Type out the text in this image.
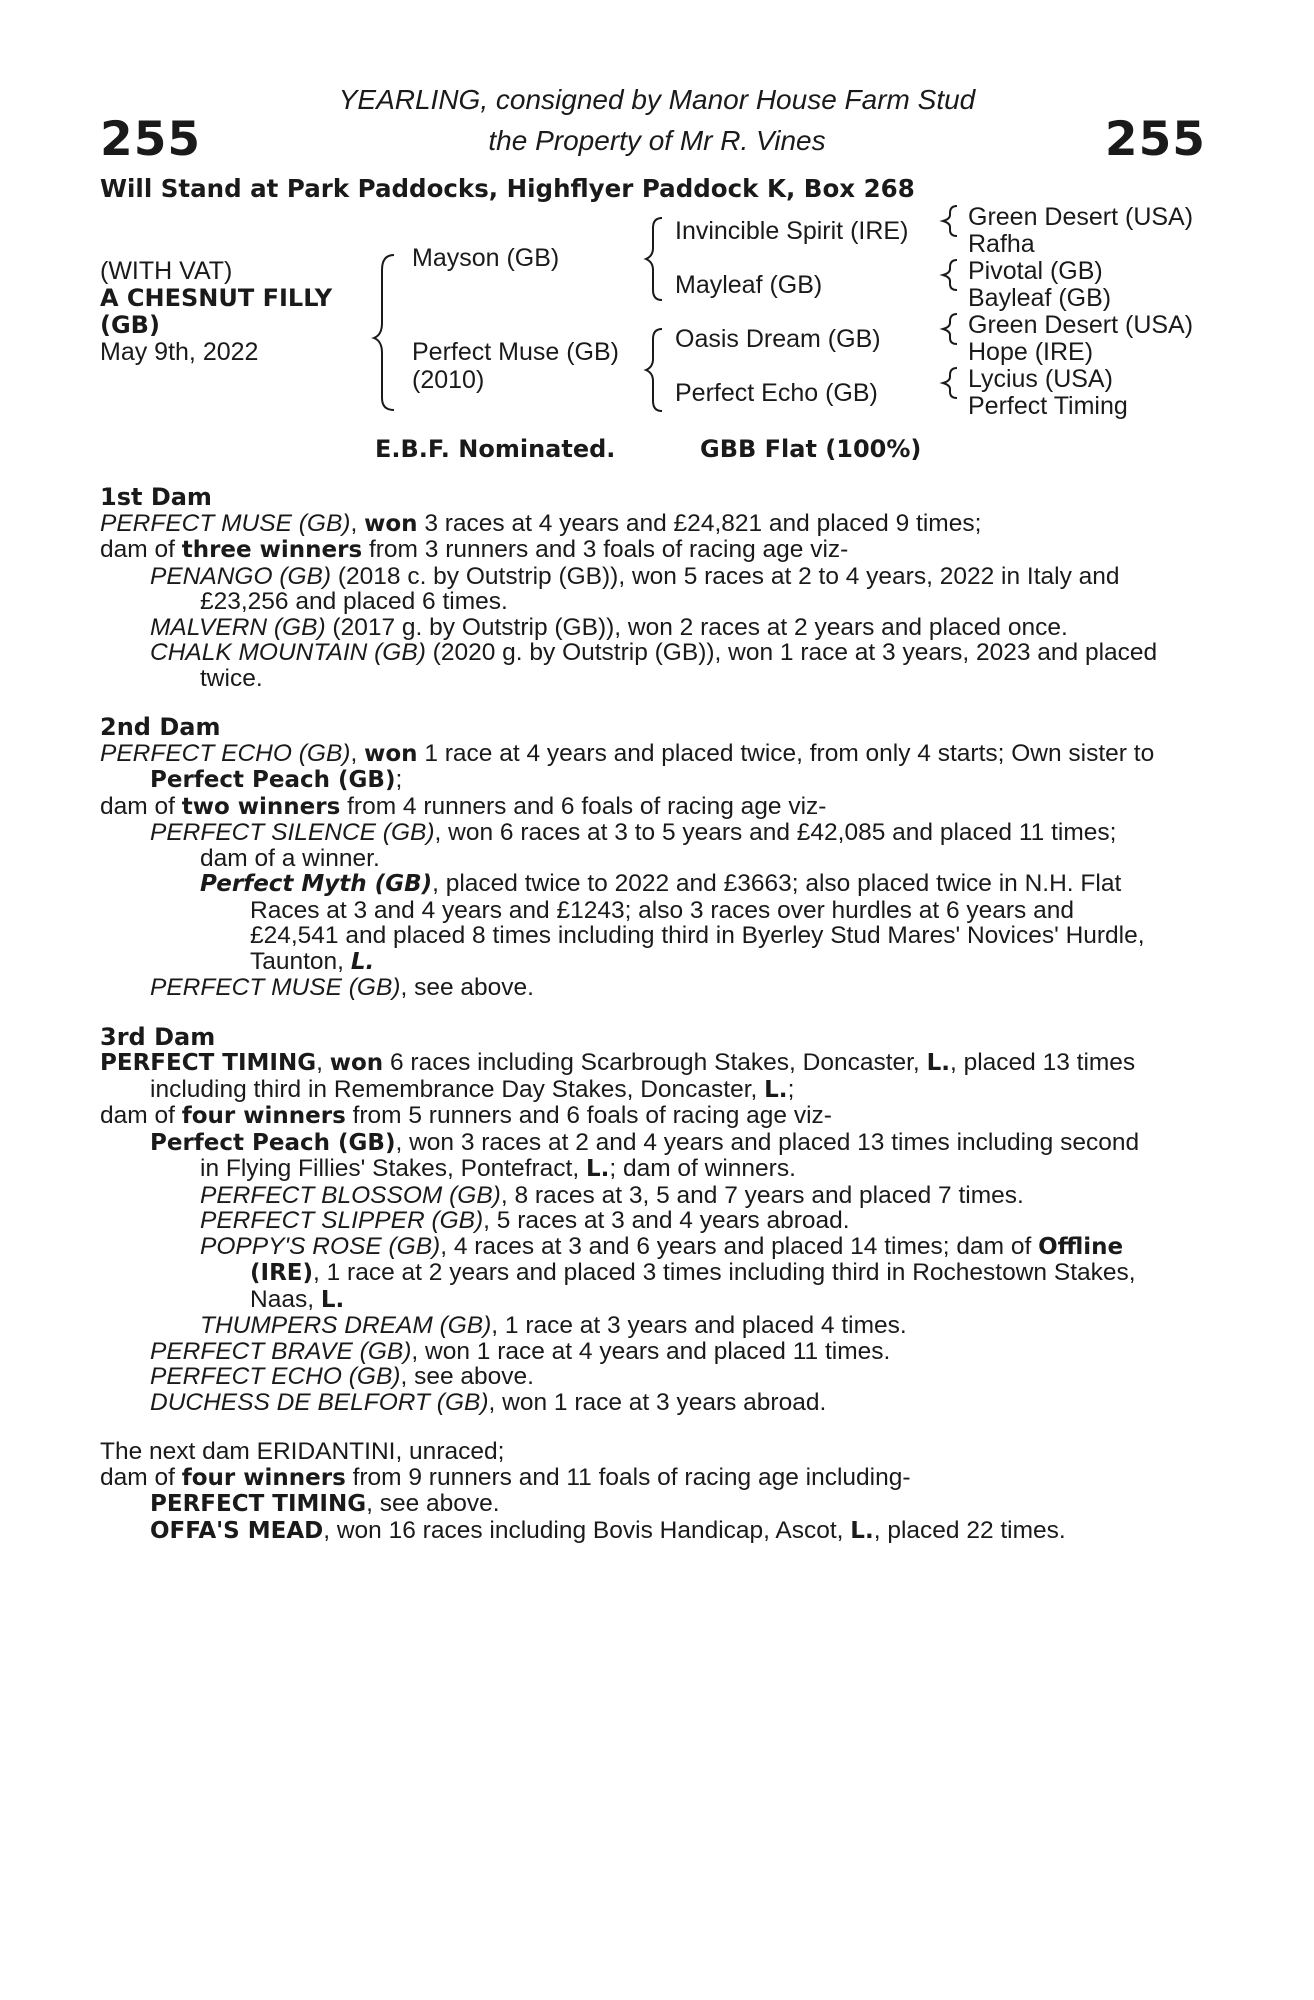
255	255
YEARLING, consigned by Manor House Farm Stud
the Property of Mr R. Vines
Will Stand at Park Paddocks, Highflyer Paddock K, Box 268
(WITH VAT)
A CHESNUT FILLY
(GB)
May 9th, 2022
Mayson (GB)
Perfect Muse (GB)
(2010)
Invincible Spirit (IRE)
Mayleaf (GB)
Oasis Dream (GB)
Perfect Echo (GB)
Green Desert (USA)
Rafha
Pivotal (GB)
Bayleaf (GB)
Green Desert (USA)
Hope (IRE)
Lycius (USA)
Perfect Timing
E.B.F. Nominated.	GBB Flat (100%)
1st Dam
PERFECT MUSE (GB), won 3 races at 4 years and £24,821 and placed 9 times;
dam of three winners from 3 runners and 3 foals of racing age viz-
PENANGO (GB) (2018 c. by Outstrip (GB)), won 5 races at 2 to 4 years, 2022 in Italy and
£23,256 and placed 6 times.
MALVERN (GB) (2017 g. by Outstrip (GB)), won 2 races at 2 years and placed once.
CHALK MOUNTAIN (GB) (2020 g. by Outstrip (GB)), won 1 race at 3 years, 2023 and placed
twice.
2nd Dam
PERFECT ECHO (GB), won 1 race at 4 years and placed twice, from only 4 starts; Own sister to
Perfect Peach (GB);
dam of two winners from 4 runners and 6 foals of racing age viz-
PERFECT SILENCE (GB), won 6 races at 3 to 5 years and £42,085 and placed 11 times;
dam of a winner.
Perfect Myth (GB), placed twice to 2022 and £3663; also placed twice in N.H. Flat
Races at 3 and 4 years and £1243; also 3 races over hurdles at 6 years and
£24,541 and placed 8 times including third in Byerley Stud Mares' Novices' Hurdle,
Taunton, L.
PERFECT MUSE (GB), see above.
3rd Dam
PERFECT TIMING, won 6 races including Scarbrough Stakes, Doncaster, L., placed 13 times
including third in Remembrance Day Stakes, Doncaster, L.;
dam of four winners from 5 runners and 6 foals of racing age viz-
Perfect Peach (GB), won 3 races at 2 and 4 years and placed 13 times including second
in Flying Fillies' Stakes, Pontefract, L.; dam of winners.
PERFECT BLOSSOM (GB), 8 races at 3, 5 and 7 years and placed 7 times.
PERFECT SLIPPER (GB), 5 races at 3 and 4 years abroad.
POPPY'S ROSE (GB), 4 races at 3 and 6 years and placed 14 times; dam of Offline
(IRE), 1 race at 2 years and placed 3 times including third in Rochestown Stakes,
Naas, L.
THUMPERS DREAM (GB), 1 race at 3 years and placed 4 times.
PERFECT BRAVE (GB), won 1 race at 4 years and placed 11 times.
PERFECT ECHO (GB), see above.
DUCHESS DE BELFORT (GB), won 1 race at 3 years abroad.
The next dam ERIDANTINI, unraced;
dam of four winners from 9 runners and 11 foals of racing age including-
PERFECT TIMING, see above.
OFFA'S MEAD, won 16 races including Bovis Handicap, Ascot, L., placed 22 times.
